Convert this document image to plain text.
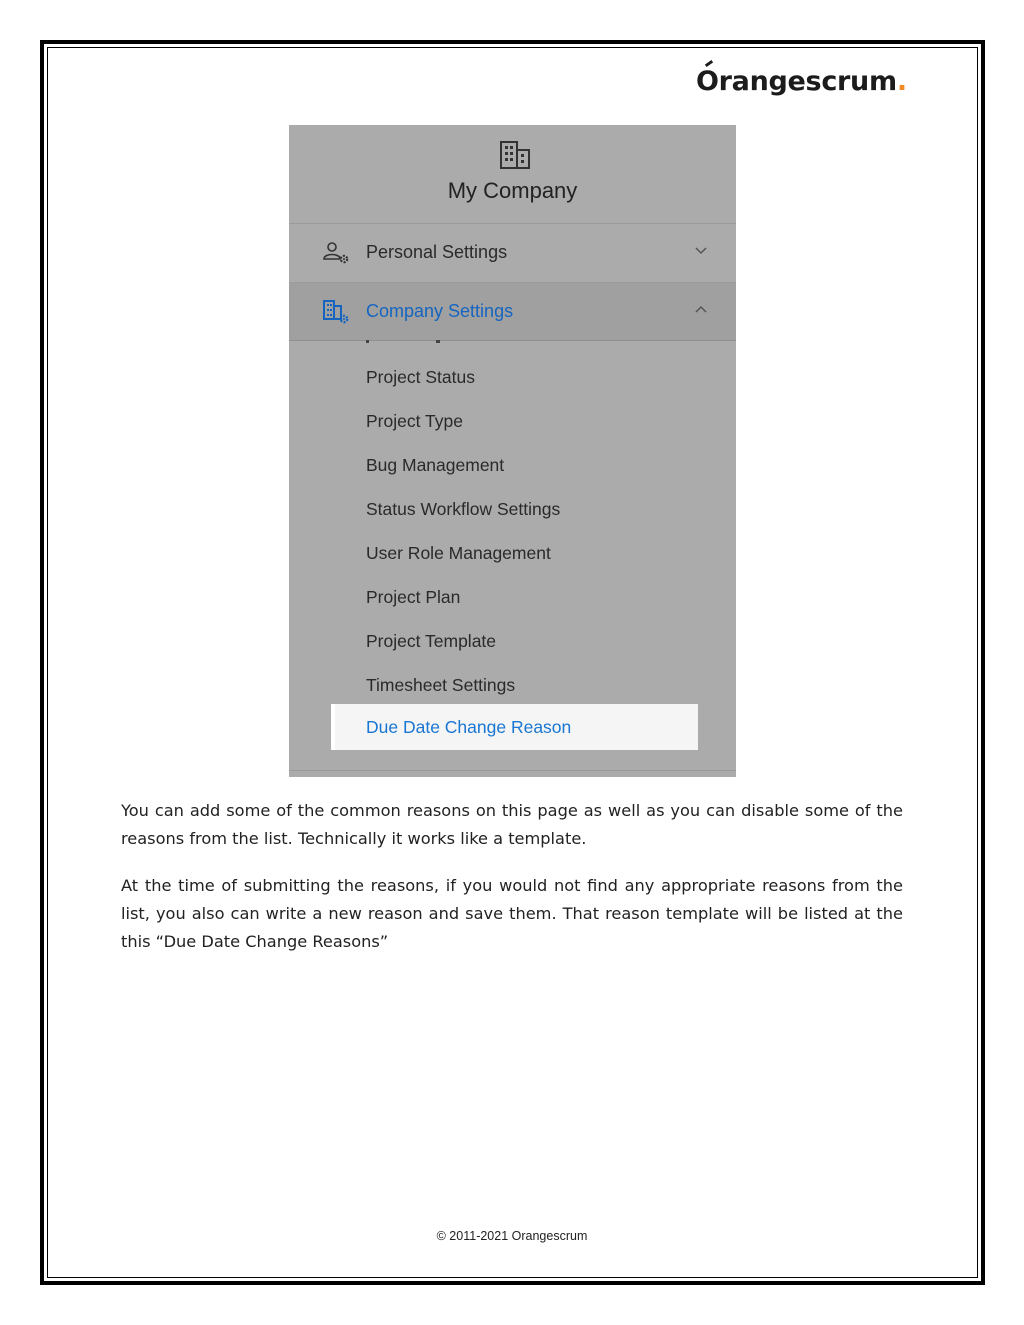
Orangescrum.
My Company
Personal Settings
Company Settings
Project Status
Project Type
Bug Management
Status Workflow Settings
User Role Management
Project Plan
Project Template
Timesheet Settings
Due Date Change Reason

You can add some of the common reasons on this page as well as you can disable some of the reasons from the list. Technically it works like a template.

At the time of submitting the reasons, if you would not find any appropriate reasons from the list, you also can write a new reason and save them. That reason template will be listed at the this “Due Date Change Reasons”

© 2011-2021 Orangescrum
